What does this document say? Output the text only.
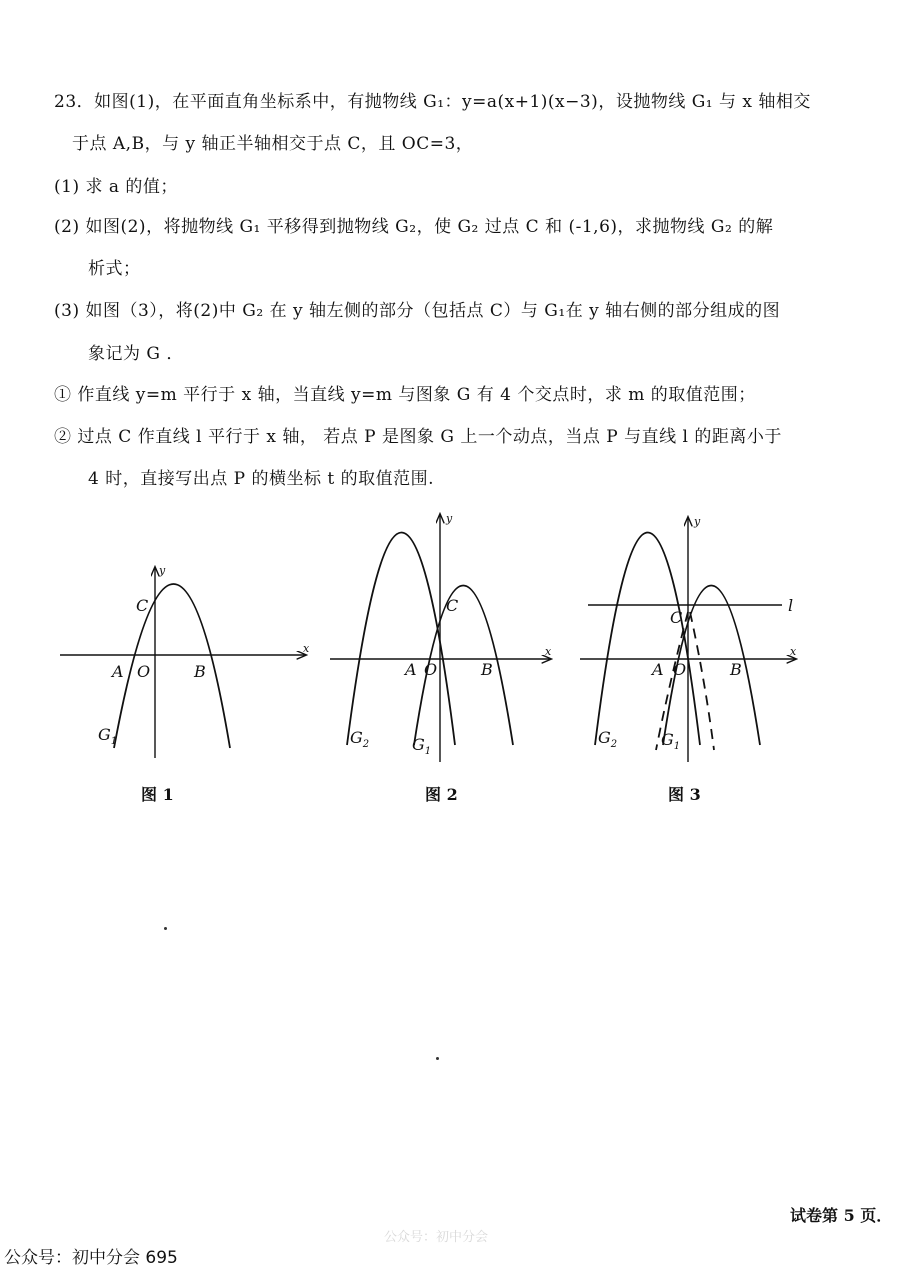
23．如图(1)，在平面直角坐标系中，有抛物线 G₁：y=a(x+1)(x−3)，设抛物线 G₁ 与 x 轴相交
于点 A,B，与 y 轴正半轴相交于点 C，且 OC=3，
(1) 求 a 的值；
(2) 如图(2)，将抛物线 G₁ 平移得到抛物线 G₂，使 G₂ 过点 C 和 (-1,6)，求抛物线 G₂ 的解
析式；
(3) 如图（3），将(2)中 G₂ 在 y 轴左侧的部分（包括点 C）与 G₁在 y 轴右侧的部分组成的图
象记为 G ．
① 作直线 y=m 平行于 x 轴，当直线 y=m 与图象 G 有 4 个交点时，求 m 的取值范围；
② 过点 C 作直线 l 平行于 x 轴， 若点 P 是图象 G 上一个动点，当点 P 与直线 l 的距离小于
4 时，直接写出点 P 的横坐标 t 的取值范围.
x
y
A O	B
C
$G_1$
x
y
A O	B
C
$G_2$	$G_1$
x
y
A O	B
C
l
$G_2$	$G_1$
图 1	图 2	图 3
试卷第 5 页．
公众号：初中分会
公众号：初中分会 695
